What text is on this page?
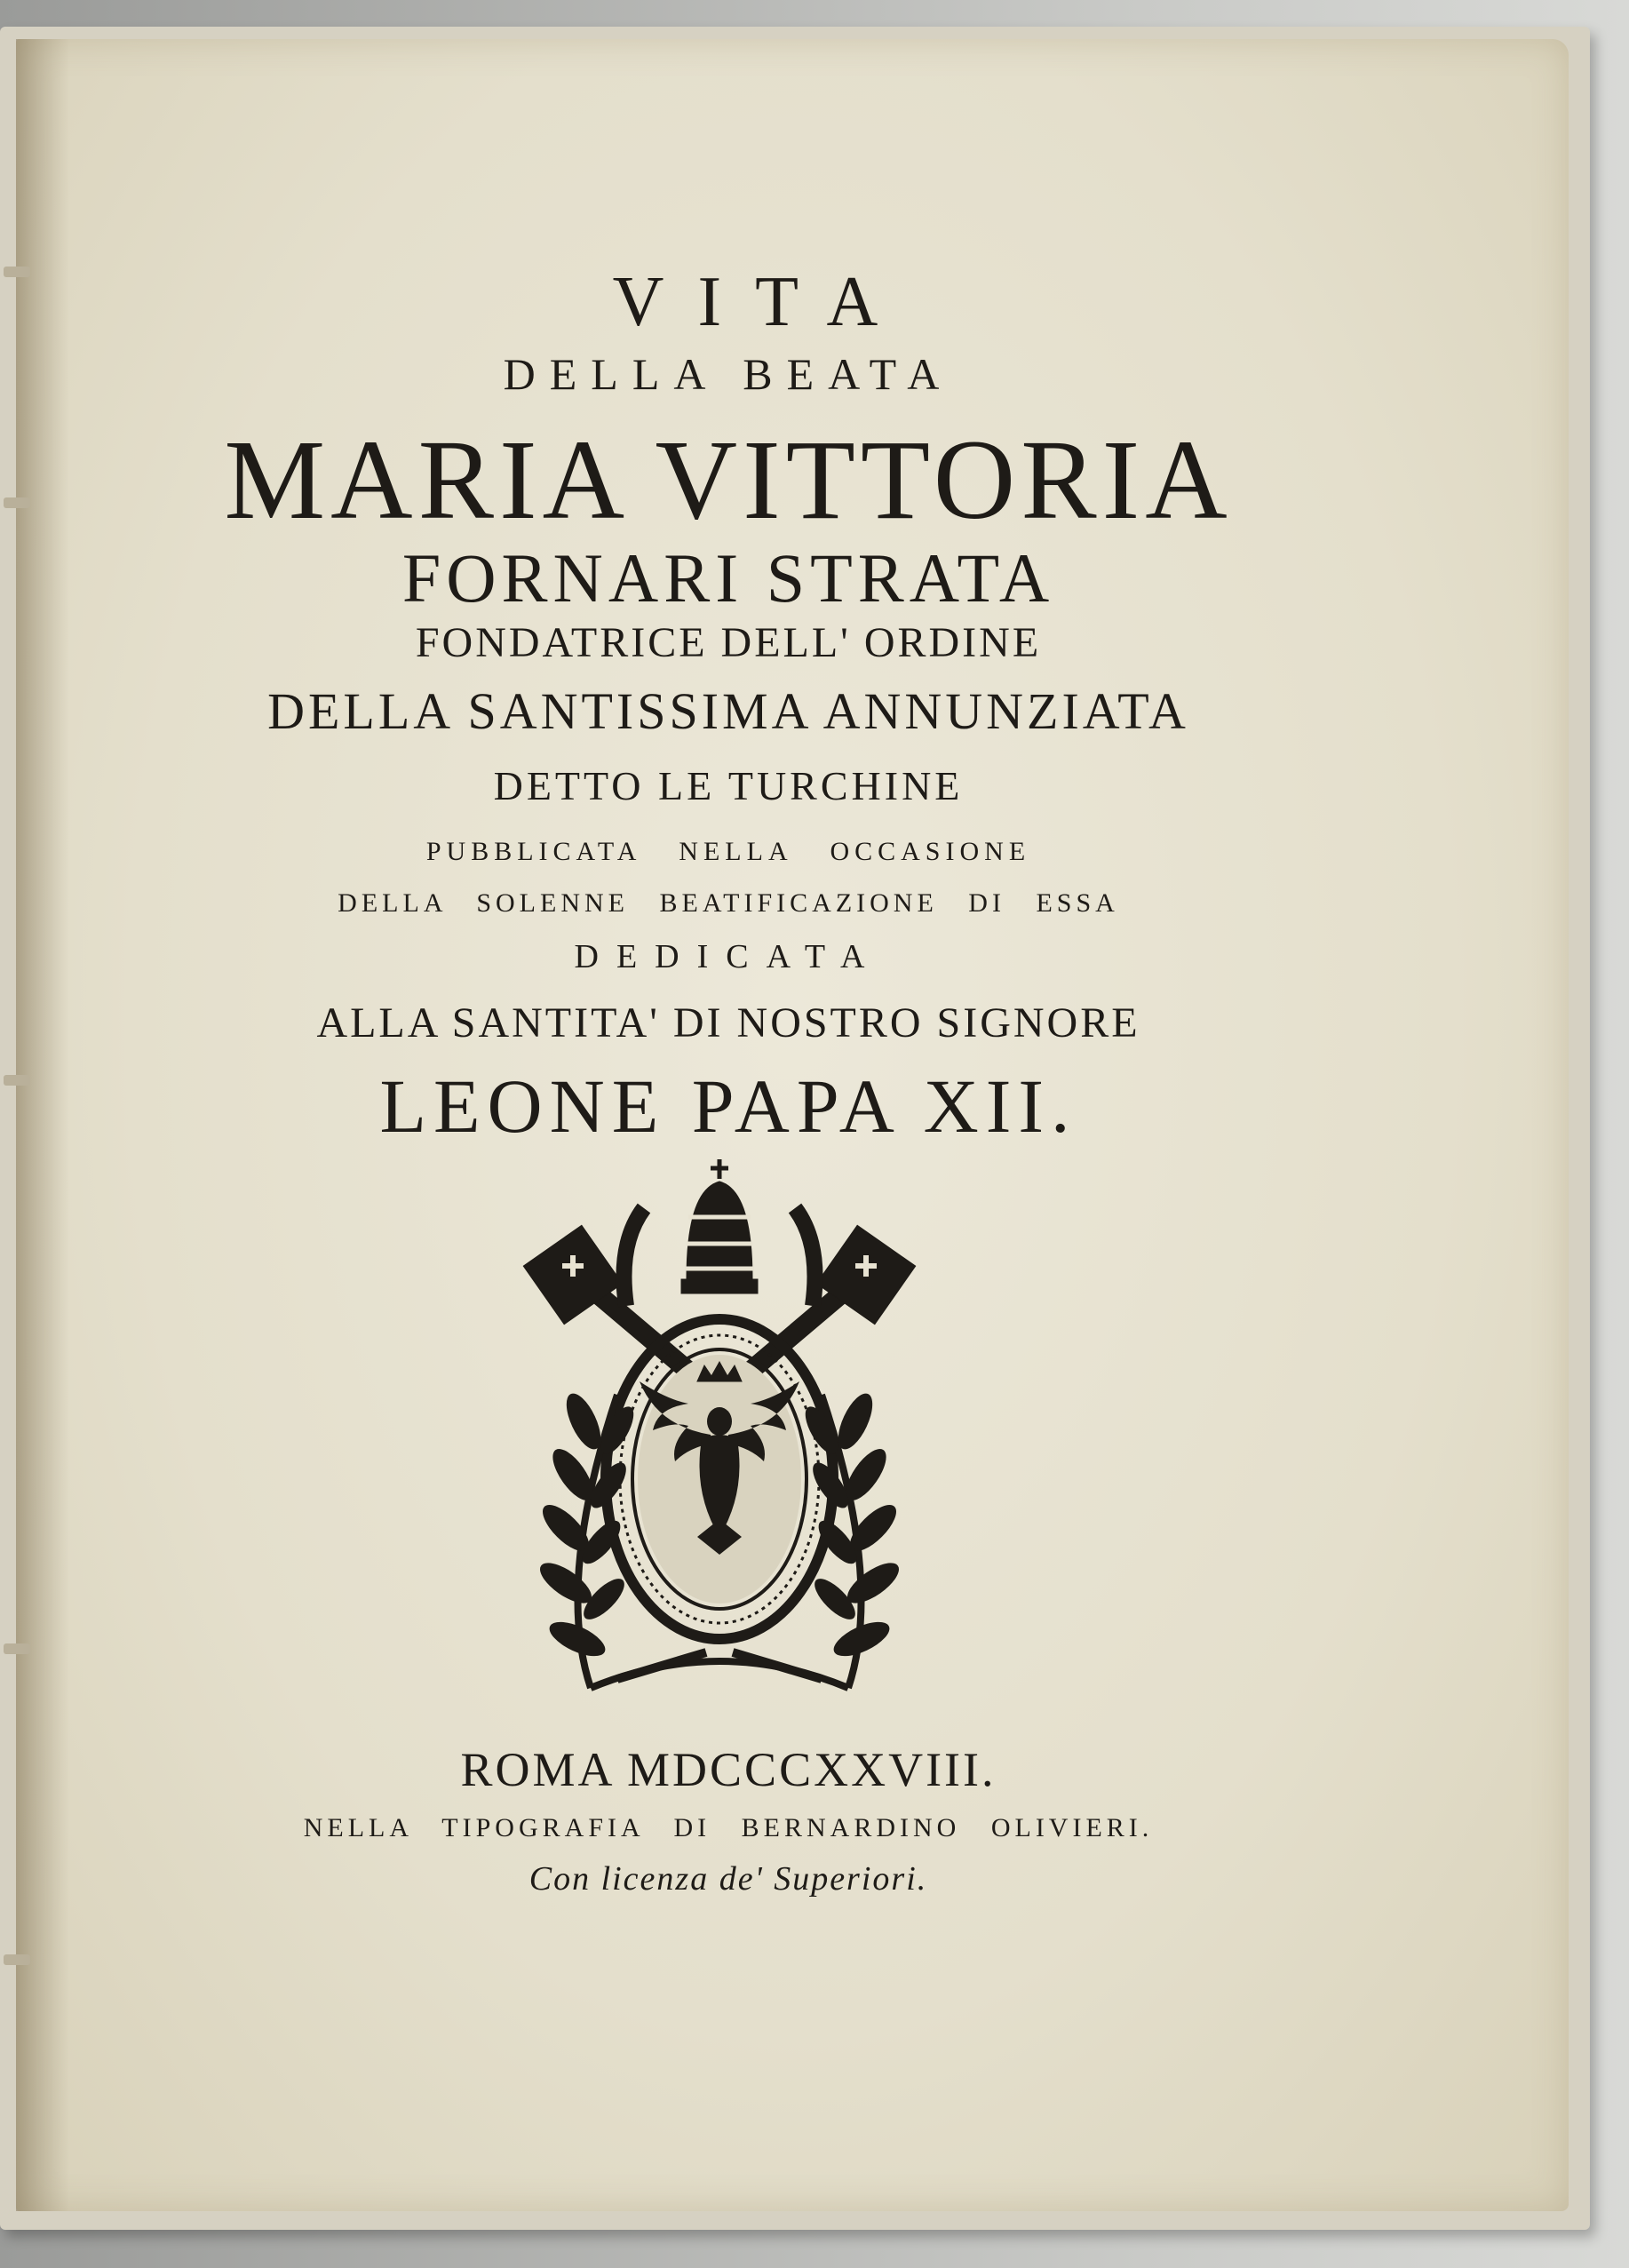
VITA
DELLA BEATA
MARIA VITTORIA
FORNARI STRATA
FONDATRICE DELL' ORDINE
DELLA SANTISSIMA ANNUNZIATA
DETTO LE TURCHINE
PUBBLICATA NELLA OCCASIONE
DELLA SOLENNE BEATIFICAZIONE DI ESSA
DEDICATA
ALLA SANTITA' DI NOSTRO SIGNORE
LEONE PAPA XII.
ROMA MDCCCXXVIII.
NELLA TIPOGRAFIA DI BERNARDINO OLIVIERI.
Con licenza de' Superiori.
